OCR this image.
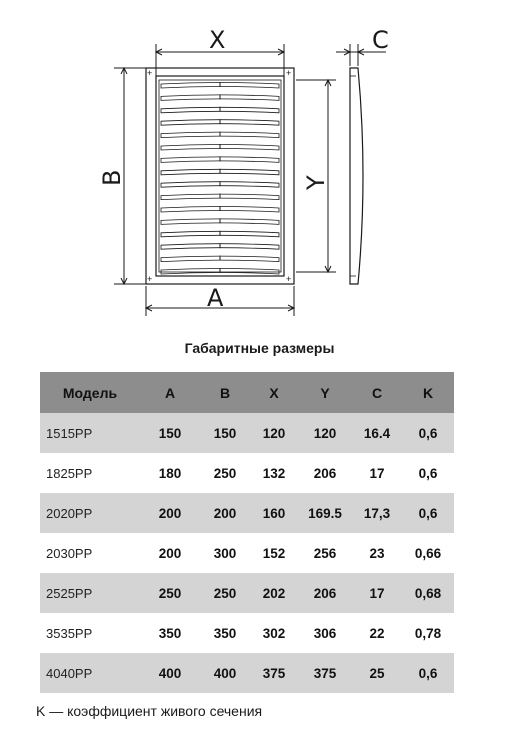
+	+
+	+
X
A
B	Y
C
Габаритные размеры
Модель	A	B	X	Y	C	K
1515PP	150	150	120	120	16.4	0,6
1825PP	180	250	132	206	17	0,6
2020PP	200	200	160	169.5	17,3	0,6
2030PP	200	300	152	256	23	0,66
2525PP	250	250	202	206	17	0,68
3535PP	350	350	302	306	22	0,78
4040PP	400	400	375	375	25	0,6
K — коэффициент живого сечения
